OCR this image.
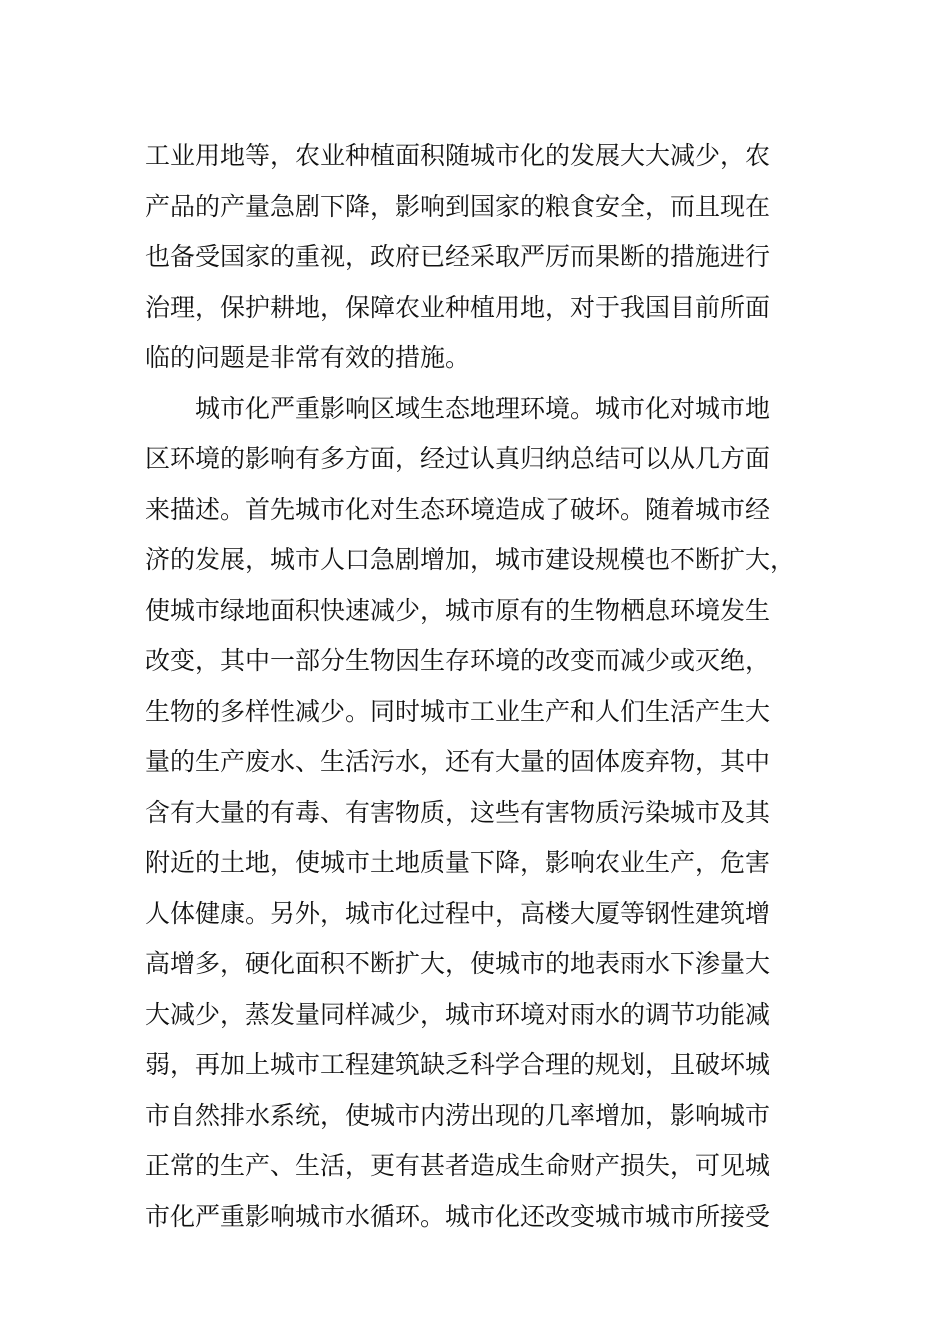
工业用地等，农业种植面积随城市化的发展大大减少，农
产品的产量急剧下降，影响到国家的粮食安全，而且现在
也备受国家的重视，政府已经采取严厉而果断的措施进行
治理，保护耕地，保障农业种植用地，对于我国目前所面
临的问题是非常有效的措施。
城市化严重影响区域生态地理环境。城市化对城市地
区环境的影响有多方面，经过认真归纳总结可以从几方面
来描述。首先城市化对生态环境造成了破坏。随着城市经
济的发展，城市人口急剧增加，城市建设规模也不断扩大，
使城市绿地面积快速减少，城市原有的生物栖息环境发生
改变，其中一部分生物因生存环境的改变而减少或灭绝，
生物的多样性减少。同时城市工业生产和人们生活产生大
量的生产废水、生活污水，还有大量的固体废弃物，其中
含有大量的有毒、有害物质，这些有害物质污染城市及其
附近的土地，使城市土地质量下降，影响农业生产，危害
人体健康。另外，城市化过程中，高楼大厦等钢性建筑增
高增多，硬化面积不断扩大，使城市的地表雨水下渗量大
大减少，蒸发量同样减少，城市环境对雨水的调节功能减
弱，再加上城市工程建筑缺乏科学合理的规划，且破坏城
市自然排水系统，使城市内涝出现的几率增加，影响城市
正常的生产、生活，更有甚者造成生命财产损失，可见城
市化严重影响城市水循环。城市化还改变城市城市所接受
